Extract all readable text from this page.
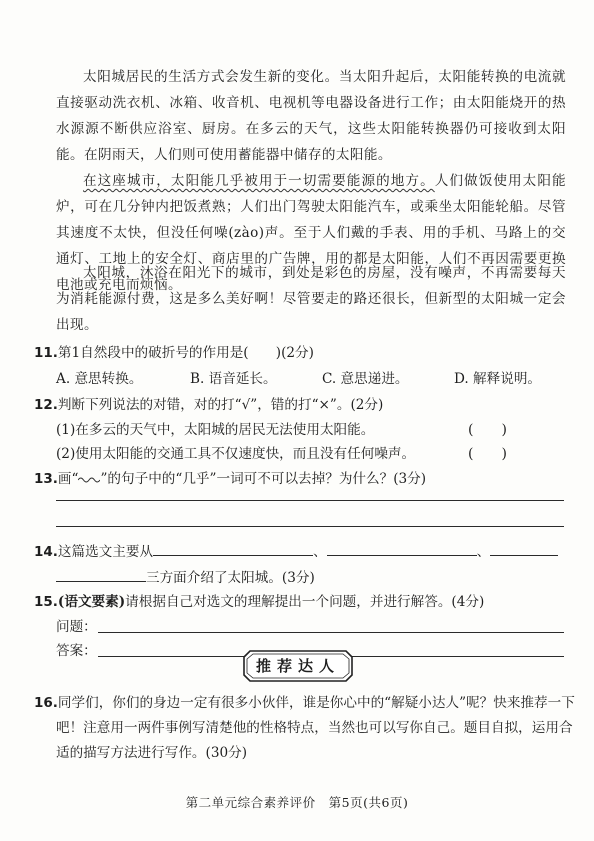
太阳城居民的生活方式会发生新的变化。当太阳升起后，太阳能转换的电流就直接驱动洗衣机、冰箱、收音机、电视机等电器设备进行工作；由太阳能烧开的热水源源不断供应浴室、厨房。在多云的天气，这些太阳能转换器仍可接收到太阳能。在阴雨天，人们则可使用蓄能器中储存的太阳能。

在这座城市，太阳能几乎被用于一切需要能源的地方。人们做饭使用太阳能炉，可在几分钟内把饭煮熟；人们出门驾驶太阳能汽车，或乘坐太阳能轮船。尽管其速度不太快，但没任何噪(zào)声。至于人们戴的手表、用的手机、马路上的交通灯、工地上的安全灯、商店里的广告牌，用的都是太阳能，人们不再因需要更换电池或充电而烦恼。

太阳城，沐浴在阳光下的城市，到处是彩色的房屋，没有噪声，不再需要每天为消耗能源付费，这是多么美好啊！尽管要走的路还很长，但新型的太阳城一定会出现。

11.第1自然段中的破折号的作用是(　　)(2分)
A. 意思转换。	B. 语音延长。	C. 意思递进。	D. 解释说明。
12.判断下列说法的对错，对的打“√”，错的打“×”。(2分)
(1)在多云的天气中，太阳城的居民无法使用太阳能。	(　　)
(2)使用太阳能的交通工具不仅速度快，而且没有任何噪声。	(　　)
13.画“ ”的句子中的“几乎”一词可不可以去掉？为什么？(3分)
14.这篇选文主要从	、	、
三方面介绍了太阳城。(3分)
15.(语文要素)请根据自己对选文的理解提出一个问题，并进行解答。(4分)
问题：
答案：
推荐达人
16.同学们，你们的身边一定有很多小伙伴，谁是你心中的“解疑小达人”呢？快来推荐一下
吧！注意用一两件事例写清楚他的性格特点，当然也可以写你自己。题目自拟，运用合
适的描写方法进行写作。(30分)
第二单元综合素养评价　第5页(共6页)
